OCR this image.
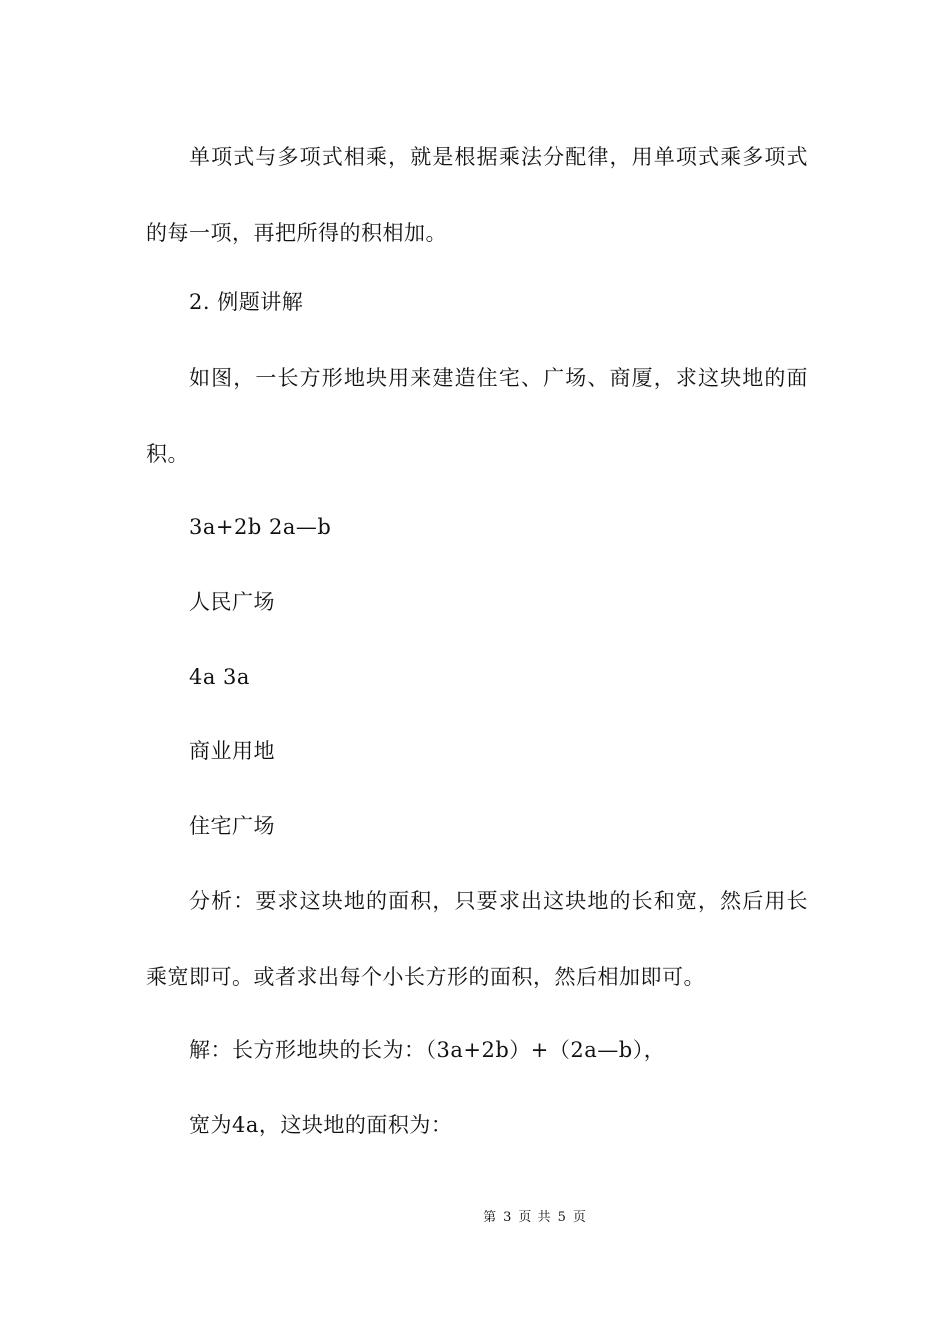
单项式与多项式相乘，就是根据乘法分配律，用单项式乘多项式的每一项，再把所得的积相加。

2. 例题讲解

如图，一长方形地块用来建造住宅、广场、商厦，求这块地的面积。

3a+2b 2a—b

人民广场

4a 3a

商业用地

住宅广场

分析：要求这块地的面积，只要求出这块地的长和宽，然后用长乘宽即可。或者求出每个小长方形的面积，然后相加即可。

解：长方形地块的长为：（3a+2b）+（2a—b），

宽为4a，这块地的面积为：

第 3 页 共 5 页
